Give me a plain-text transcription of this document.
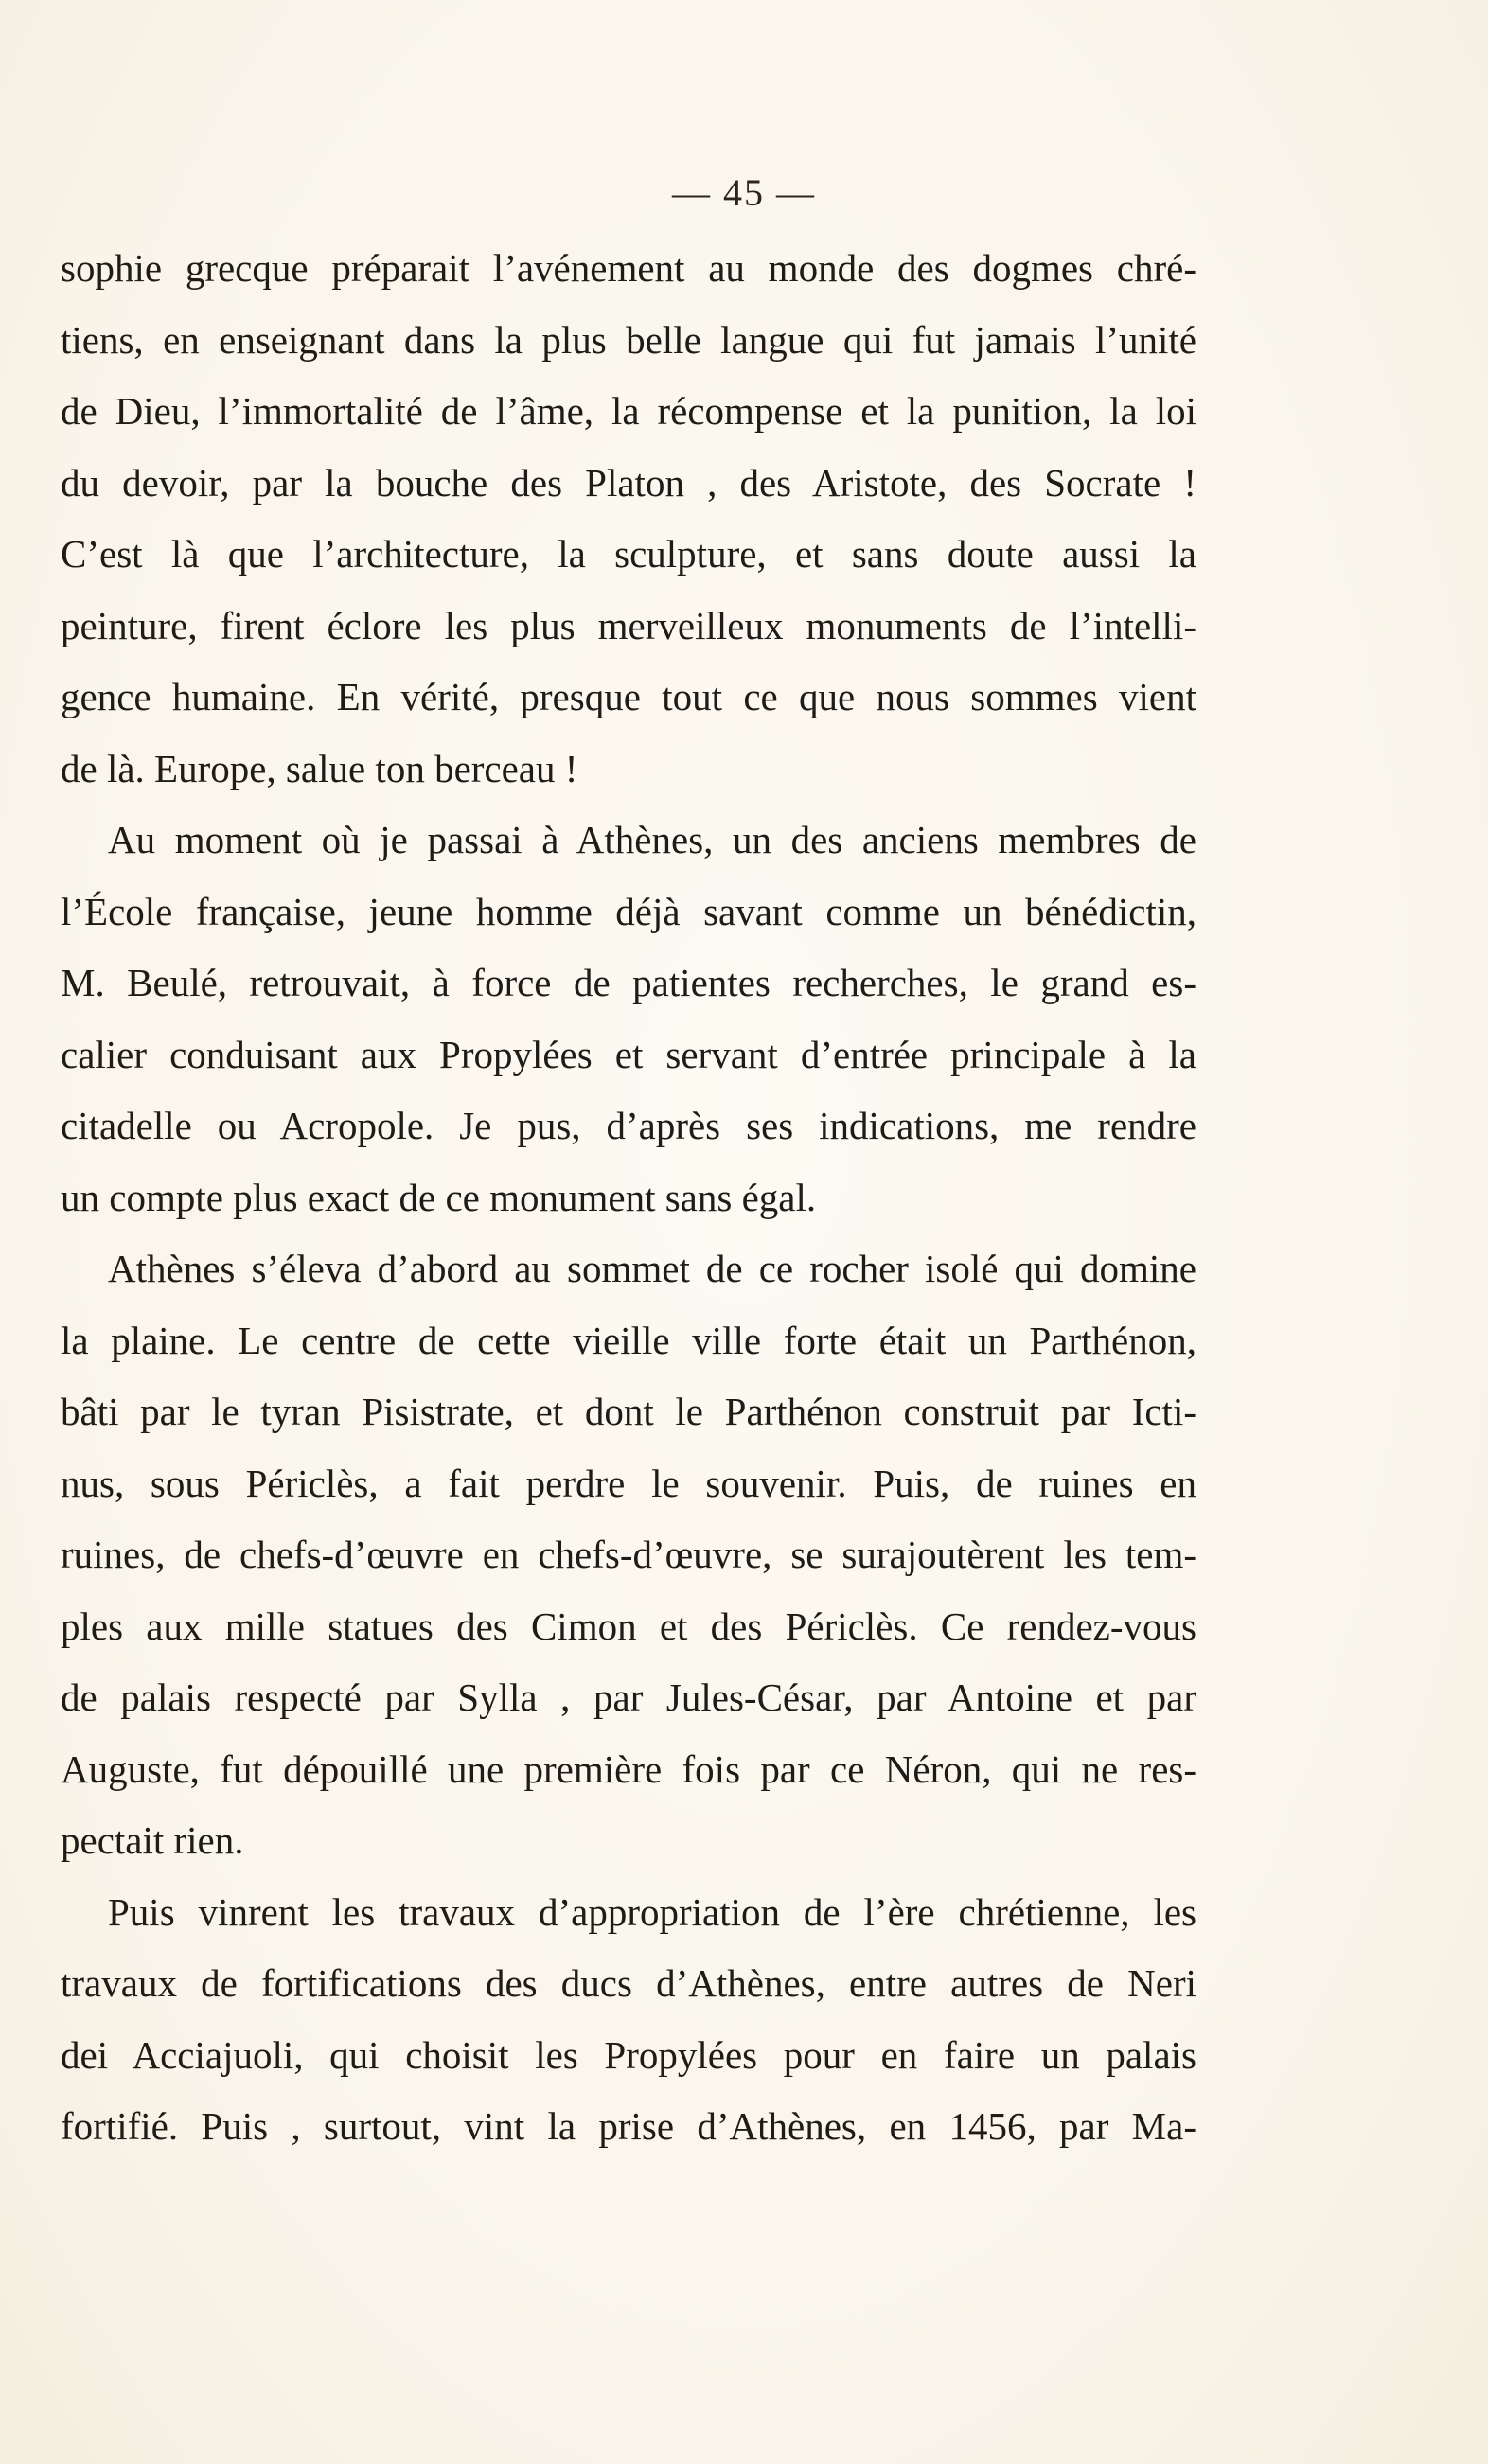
— 45 —
sophie grecque préparait l’avénement au monde des dogmes chré-
tiens, en enseignant dans la plus belle langue qui fut jamais l’unité
de Dieu, l’immortalité de l’âme, la récompense et la punition, la loi
du devoir, par la bouche des Platon , des Aristote, des Socrate !
C’est là que l’architecture, la sculpture, et sans doute aussi la
peinture, firent éclore les plus merveilleux monuments de l’intelli-
gence humaine. En vérité, presque tout ce que nous sommes vient
de là. Europe, salue ton berceau !
Au moment où je passai à Athènes, un des anciens membres de
l’École française, jeune homme déjà savant comme un bénédictin,
M. Beulé, retrouvait, à force de patientes recherches, le grand es-
calier conduisant aux Propylées et servant d’entrée principale à la
citadelle ou Acropole. Je pus, d’après ses indications, me rendre
un compte plus exact de ce monument sans égal.
Athènes s’éleva d’abord au sommet de ce rocher isolé qui domine
la plaine. Le centre de cette vieille ville forte était un Parthénon,
bâti par le tyran Pisistrate, et dont le Parthénon construit par Icti-
nus, sous Périclès, a fait perdre le souvenir. Puis, de ruines en
ruines, de chefs-d’œuvre en chefs-d’œuvre, se surajoutèrent les tem-
ples aux mille statues des Cimon et des Périclès. Ce rendez-vous
de palais respecté par Sylla , par Jules-César, par Antoine et par
Auguste, fut dépouillé une première fois par ce Néron, qui ne res-
pectait rien.
Puis vinrent les travaux d’appropriation de l’ère chrétienne, les
travaux de fortifications des ducs d’Athènes, entre autres de Neri
dei Acciajuoli, qui choisit les Propylées pour en faire un palais
fortifié. Puis , surtout, vint la prise d’Athènes, en 1456, par Ma-
